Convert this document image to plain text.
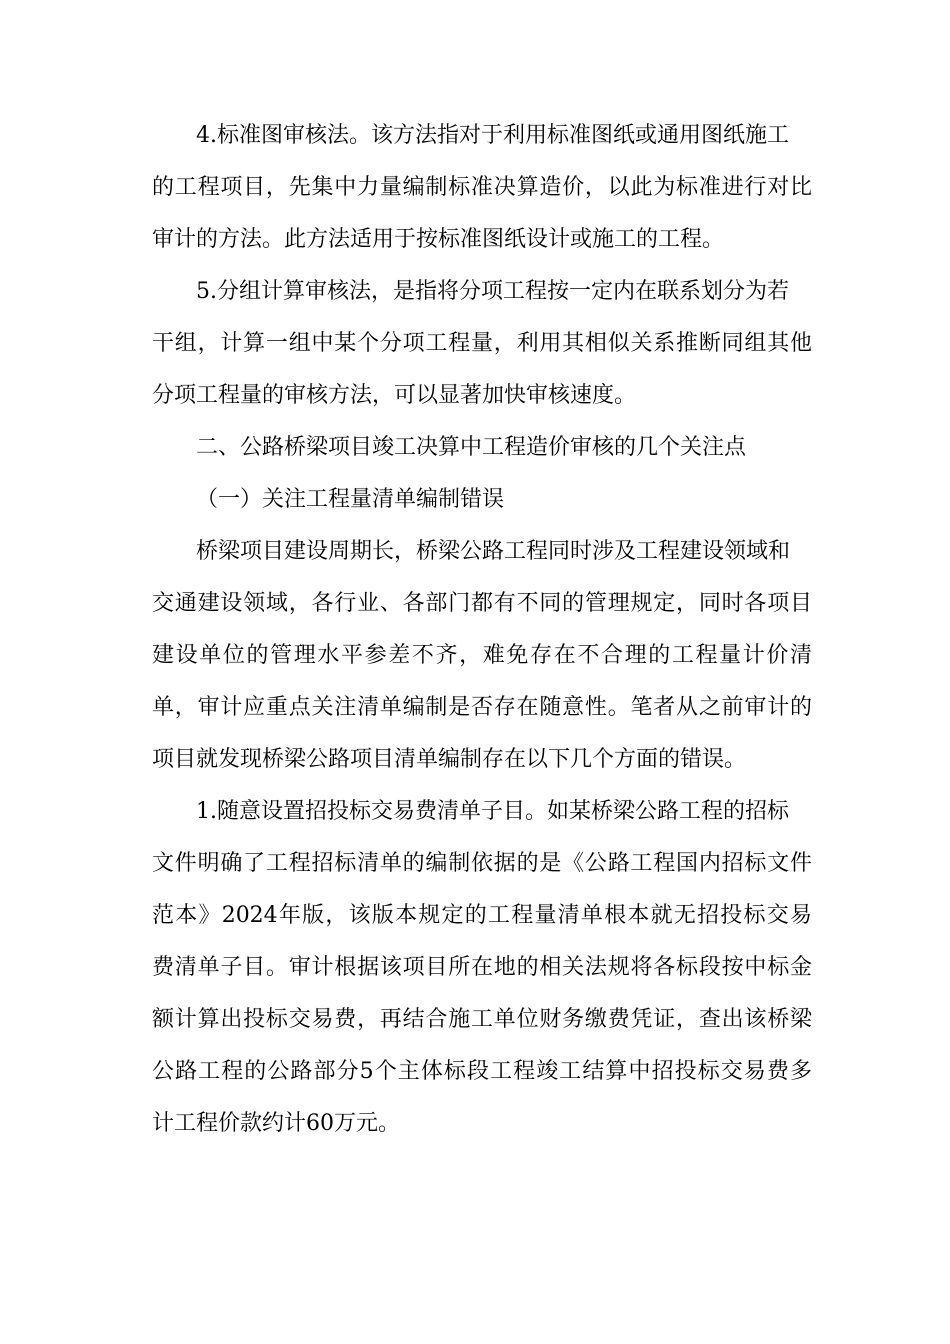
4.标准图审核法。该方法指对于利用标准图纸或通用图纸施工
的工程项目，先集中力量编制标准决算造价，以此为标准进行对比
审计的方法。此方法适用于按标准图纸设计或施工的工程。
5.分组计算审核法，是指将分项工程按一定内在联系划分为若
干组，计算一组中某个分项工程量，利用其相似关系推断同组其他
分项工程量的审核方法，可以显著加快审核速度。
二、公路桥梁项目竣工决算中工程造价审核的几个关注点
（一）关注工程量清单编制错误
桥梁项目建设周期长，桥梁公路工程同时涉及工程建设领域和
交通建设领域，各行业、各部门都有不同的管理规定，同时各项目
建设单位的管理水平参差不齐，难免存在不合理的工程量计价清
单，审计应重点关注清单编制是否存在随意性。笔者从之前审计的
项目就发现桥梁公路项目清单编制存在以下几个方面的错误。
1.随意设置招投标交易费清单子目。如某桥梁公路工程的招标
文件明确了工程招标清单的编制依据的是《公路工程国内招标文件
范本》2024年版，该版本规定的工程量清单根本就无招投标交易
费清单子目。审计根据该项目所在地的相关法规将各标段按中标金
额计算出投标交易费，再结合施工单位财务缴费凭证，查出该桥梁
公路工程的公路部分5个主体标段工程竣工结算中招投标交易费多
计工程价款约计60万元。
